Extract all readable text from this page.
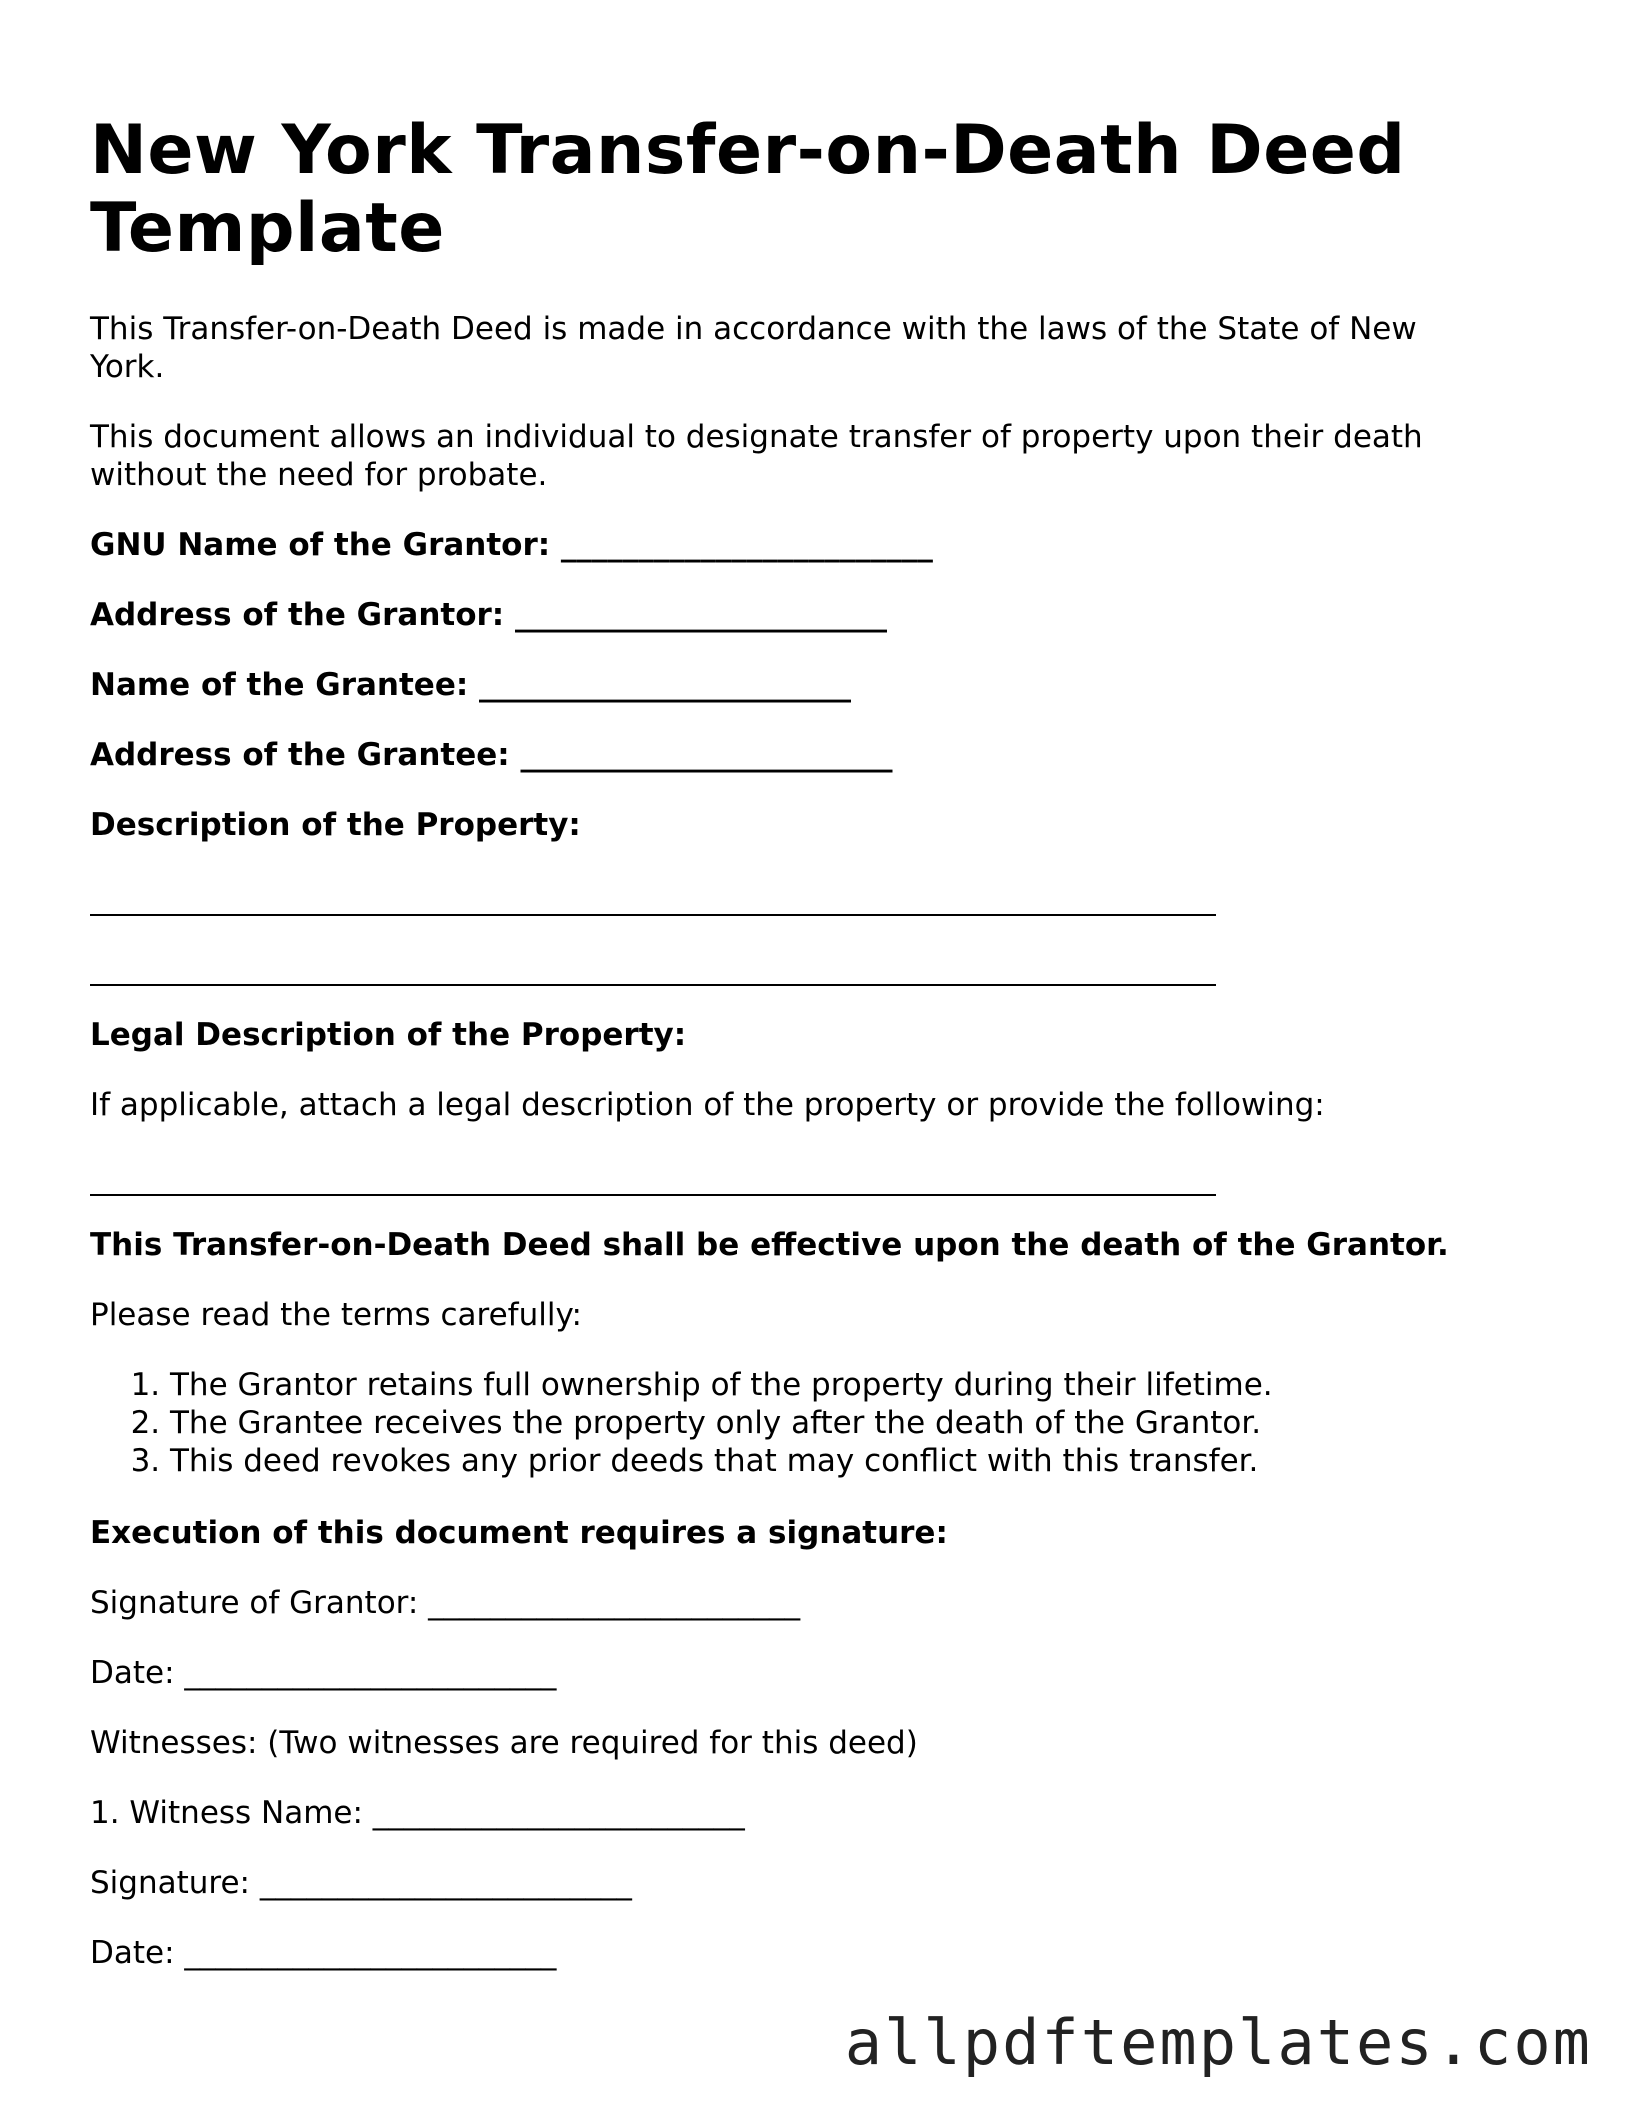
New York Transfer-on-Death Deed Template

This Transfer-on-Death Deed is made in accordance with the laws of the State of New York.

This document allows an individual to designate transfer of property upon their death without the need for probate.

GNU Name of the Grantor: ________________________

Address of the Grantor: ________________________

Name of the Grantee: ________________________

Address of the Grantee: ________________________

Description of the Property:

Legal Description of the Property:

If applicable, attach a legal description of the property or provide the following:

This Transfer-on-Death Deed shall be effective upon the death of the Grantor.

Please read the terms carefully:

1. The Grantor retains full ownership of the property during their lifetime.
2. The Grantee receives the property only after the death of the Grantor.
3. This deed revokes any prior deeds that may conflict with this transfer.

Execution of this document requires a signature:

Signature of Grantor: ________________________

Date: ________________________

Witnesses: (Two witnesses are required for this deed)

1. Witness Name: ________________________

Signature: ________________________

Date: ________________________

allpdftemplates.com
